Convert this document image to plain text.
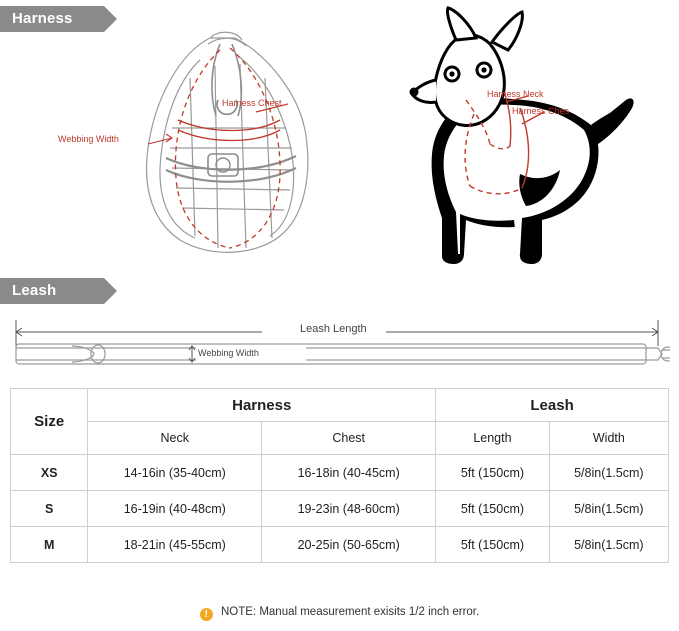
Harness
Harness Chest
Webbing Width
Harness Neck
Harness Ches
Leash
Leash Length
Webbing Width
Size	Harness		Leash	
	Neck	Chest	Length	Width
XS	14-16in (35-40cm)	16-18in (40-45cm)	5ft (150cm)	5/8in(1.5cm)
S	16-19in (40-48cm)	19-23in (48-60cm)	5ft (150cm)	5/8in(1.5cm)
M	18-21in (45-55cm)	20-25in (50-65cm)	5ft (150cm)	5/8in(1.5cm)
! NOTE: Manual measurement exisits 1/2 inch error.
